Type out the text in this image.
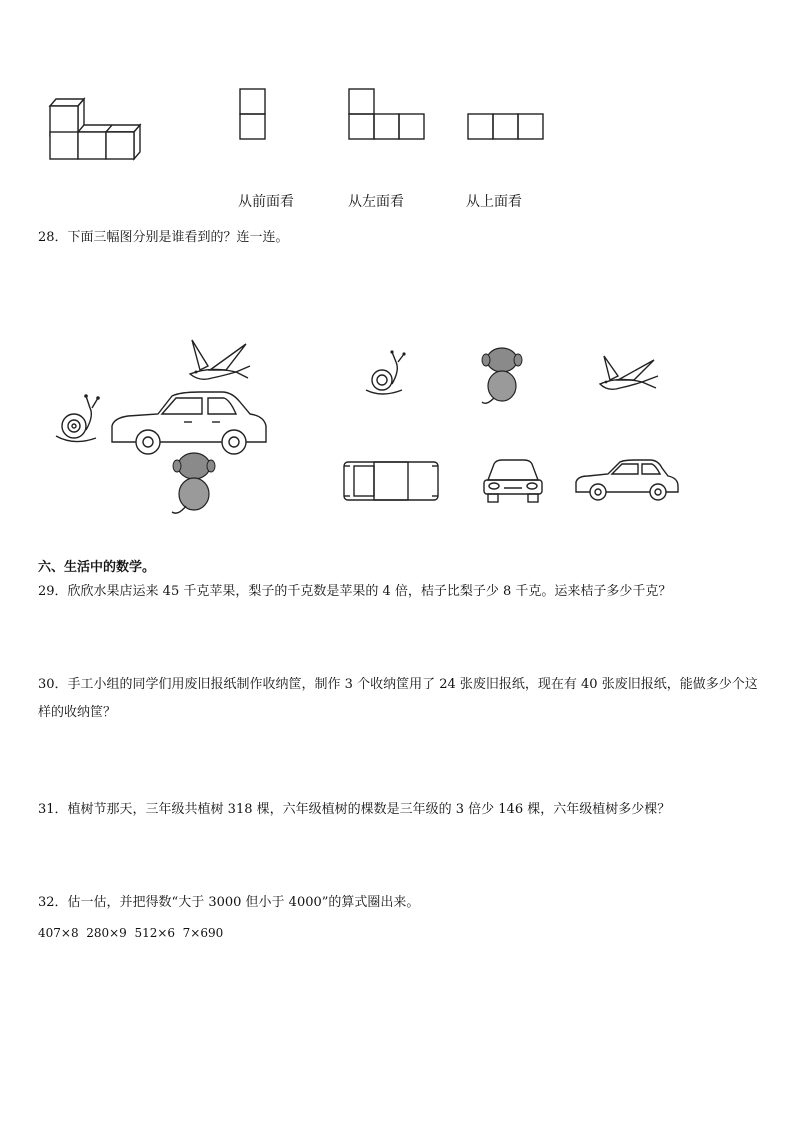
从前面看	从左面看	从上面看
28．下面三幅图分别是谁看到的？连一连。
六、生活中的数学。
29．欣欣水果店运来 45 千克苹果，梨子的千克数是苹果的 4 倍，桔子比梨子少 8 千克。运来桔子多少千克？
30．手工小组的同学们用废旧报纸制作收纳筐，制作 3 个收纳筐用了 24 张废旧报纸，现在有 40 张废旧报纸，能做多少个这样的收纳筐？
31．植树节那天，三年级共植树 318 棵，六年级植树的棵数是三年级的 3 倍少 146 棵，六年级植树多少棵？
32．估一估，并把得数“大于 3000 但小于 4000”的算式圈出来。
407×8  280×9  512×6  7×690
